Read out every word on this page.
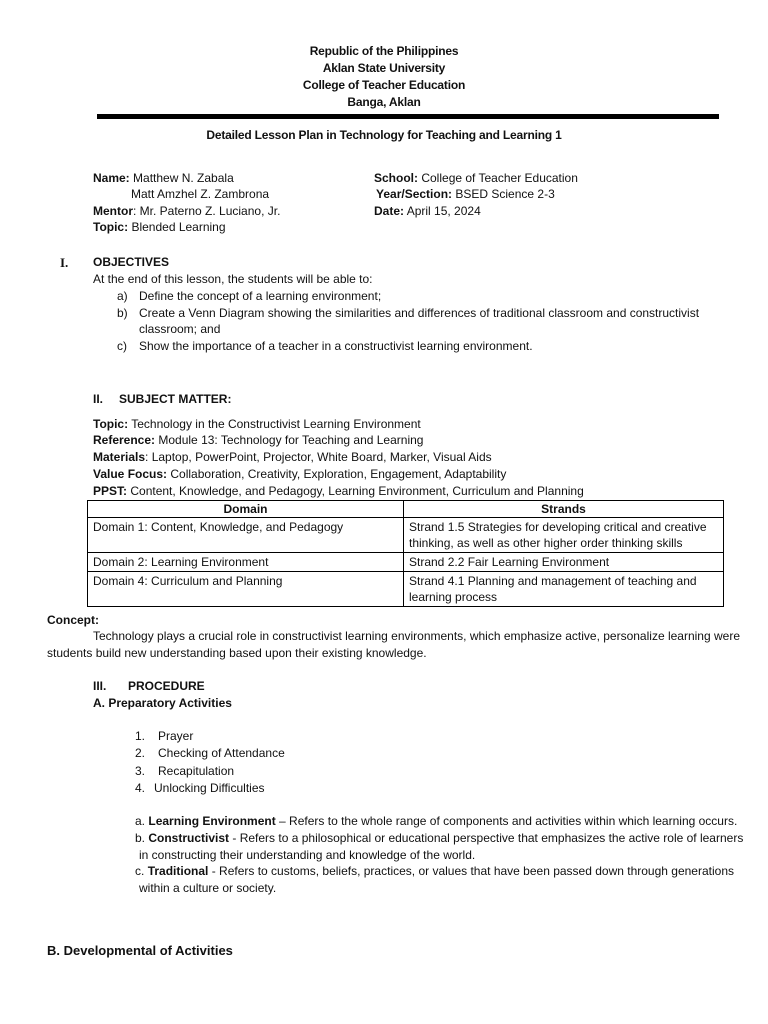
Republic of the Philippines
Aklan State University
College of Teacher Education
Banga, Aklan
Detailed Lesson Plan in Technology for Teaching and Learning 1
Name: Matthew N. Zabala
Matt Amzhel Z. Zambrona
Mentor: Mr. Paterno Z. Luciano, Jr.
Topic: Blended Learning
School: College of Teacher Education
Year/Section: BSED Science 2-3
Date: April 15, 2024
I. OBJECTIVES
At the end of this lesson, the students will be able to:
a) Define the concept of a learning environment;
b) Create a Venn Diagram showing the similarities and differences of traditional classroom and constructivist
classroom; and
c) Show the importance of a teacher in a constructivist learning environment.
II. SUBJECT MATTER:
Topic: Technology in the Constructivist Learning Environment
Reference: Module 13: Technology for Teaching and Learning
Materials: Laptop, PowerPoint, Projector, White Board, Marker, Visual Aids
Value Focus: Collaboration, Creativity, Exploration, Engagement, Adaptability
PPST: Content, Knowledge, and Pedagogy, Learning Environment, Curriculum and Planning
Domain	Strands
Domain 1: Content, Knowledge, and Pedagogy	Strand 1.5 Strategies for developing critical and creative
thinking, as well as other higher order thinking skills

Domain 2: Learning Environment	Strand 2.2 Fair Learning Environment
Domain 4: Curriculum and Planning	Strand 4.1 Planning and management of teaching and
learning process
Concept:
Technology plays a crucial role in constructivist learning environments, which emphasize active, personalize learning were
students build new understanding based upon their existing knowledge.
III. PROCEDURE
A. Preparatory Activities
1. Prayer
2. Checking of Attendance
3. Recapitulation
4. Unlocking Difficulties
a. Learning Environment – Refers to the whole range of components and activities within which learning occurs.
b. Constructivist - Refers to a philosophical or educational perspective that emphasizes the active role of learners
in constructing their understanding and knowledge of the world.
c. Traditional - Refers to customs, beliefs, practices, or values that have been passed down through generations
within a culture or society.
B. Developmental of Activities
